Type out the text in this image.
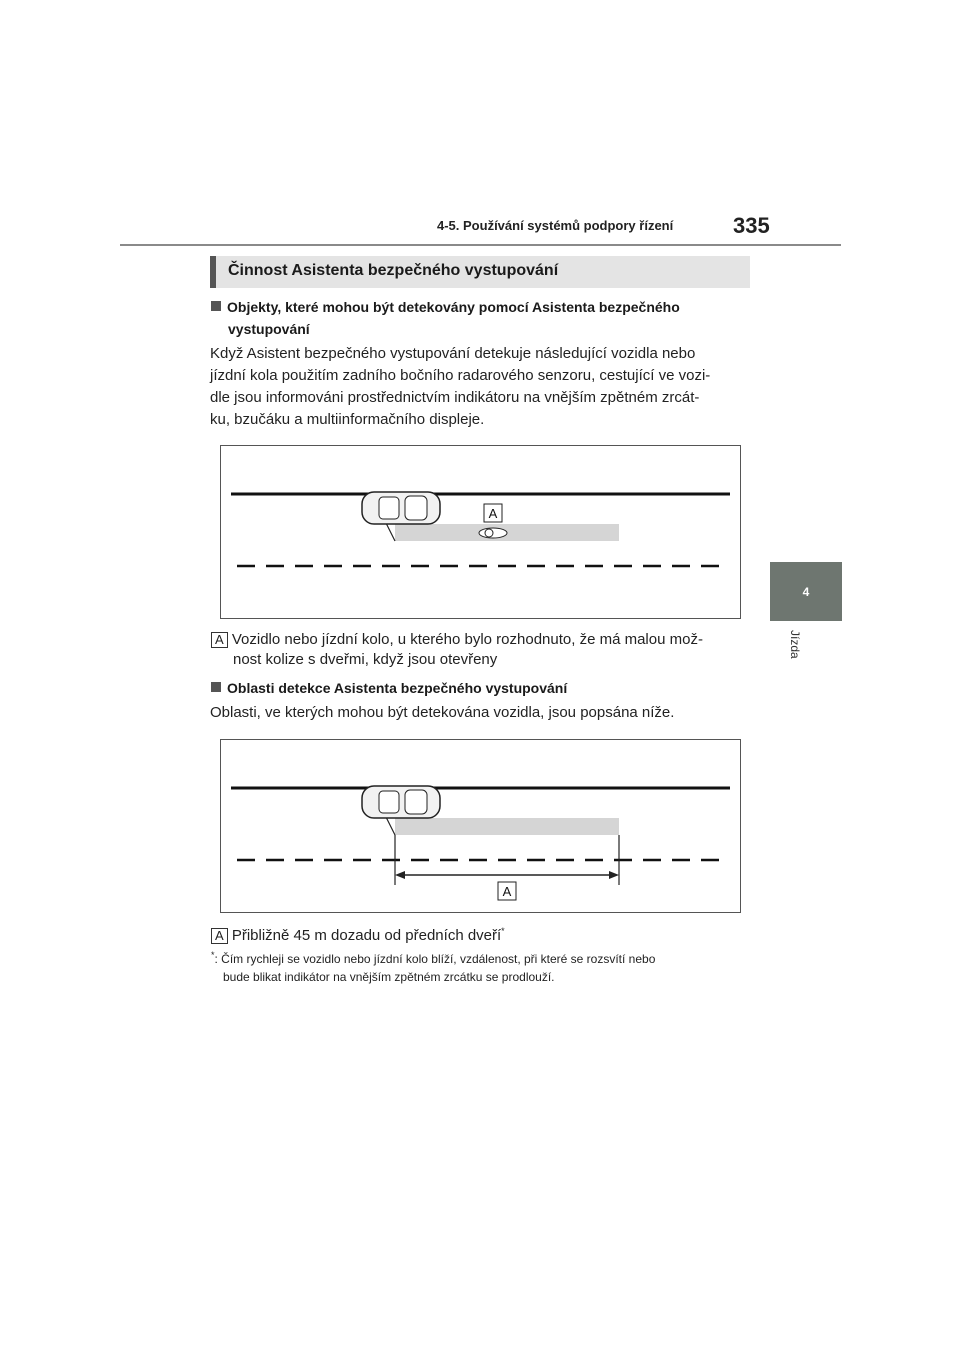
4-5. Používání systémů podpory řízení	335
4
Jízda
Činnost Asistenta bezpečného vystupování
Objekty, které mohou být detekovány pomocí Asistenta bezpečného
vystupování
Když Asistent bezpečného vystupování detekuje následující vozidla nebo
jízdní kola použitím zadního bočního radarového senzoru, cestující ve vozi-
dle jsou informováni prostřednictvím indikátoru na vnějším zpětném zrcát-
ku, bzučáku a multiinformačního displeje.
A
A Vozidlo nebo jízdní kolo, u kterého bylo rozhodnuto, že má malou mož-
nost kolize s dveřmi, když jsou otevřeny
Oblasti detekce Asistenta bezpečného vystupování
Oblasti, ve kterých mohou být detekována vozidla, jsou popsána níže.
A
A Přibližně 45 m dozadu od předních dveří*
*: Čím rychleji se vozidlo nebo jízdní kolo blíží, vzdálenost, při které se rozsvítí nebo
bude blikat indikátor na vnějším zpětném zrcátku se prodlouží.
